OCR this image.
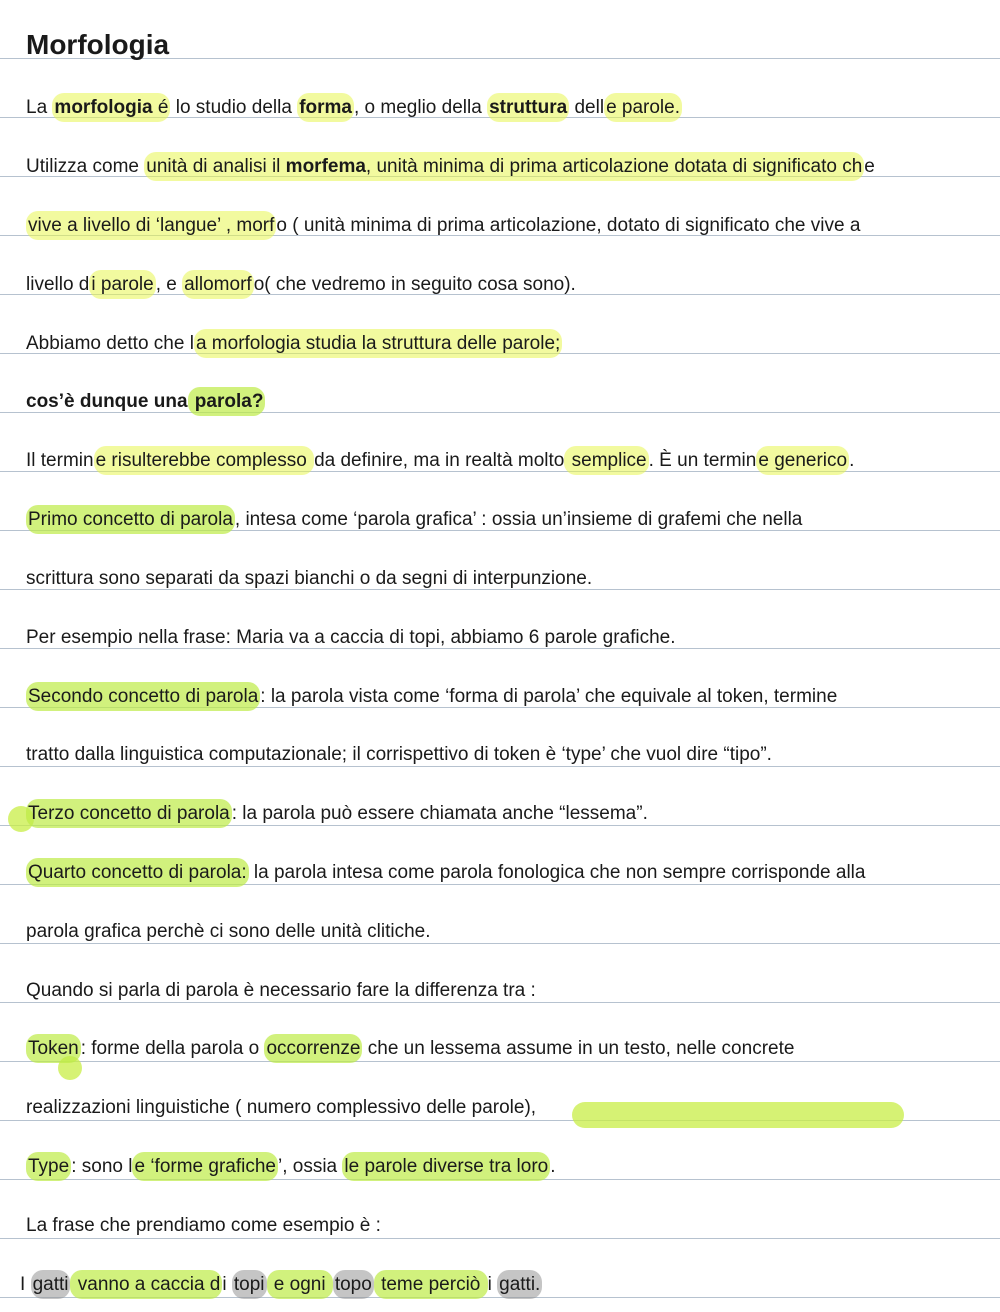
Morfologia
La morfologia é lo studio della forma , o meglio della struttura dell e parole.
Utilizza come unità di analisi il morfema, unità minima di prima articolazione dotata di significato ch e
vive a livello di ‘langue’ , morf o ( unità minima di prima articolazione, dotato di significato che vive a
livello d i parole , e allomorf o( che vedremo in seguito cosa sono).
Abbiamo detto che l a morfologia studia la struttura delle parole;
cos’è dunque una parola?
Il termin e risulterebbe complesso da definire, ma in realtà molto semplice . È un termin e generico .
Primo concetto di parola , intesa come ‘parola grafica’ : ossia un’insieme di grafemi che nella
scrittura sono separati da spazi bianchi o da segni di interpunzione.
Per esempio nella frase: Maria va a caccia di topi, abbiamo 6 parole grafiche.
Secondo concetto di parola : la parola vista come ‘forma di parola’ che equivale al token, termine
tratto dalla linguistica computazionale; il corrispettivo di token è ‘type’ che vuol dire “tipo”.
Terzo concetto di parola : la parola può essere chiamata anche “lessema”.
Quarto concetto di parola: la parola intesa come parola fonologica che non sempre corrisponde alla
parola grafica perchè ci sono delle unità clitiche.
Quando si parla di parola è necessario fare la differenza tra :
Token : forme della parola o occorrenze che un lessema assume in un testo, nelle concrete
realizzazioni linguistiche ( numero complessivo delle parole),
Type : sono l e ‘forme grafiche ’, ossia le parole diverse tra loro .
La frase che prendiamo come esempio è :
I gatti vanno a caccia d i topi e ogni topo teme perciò i gatti.
